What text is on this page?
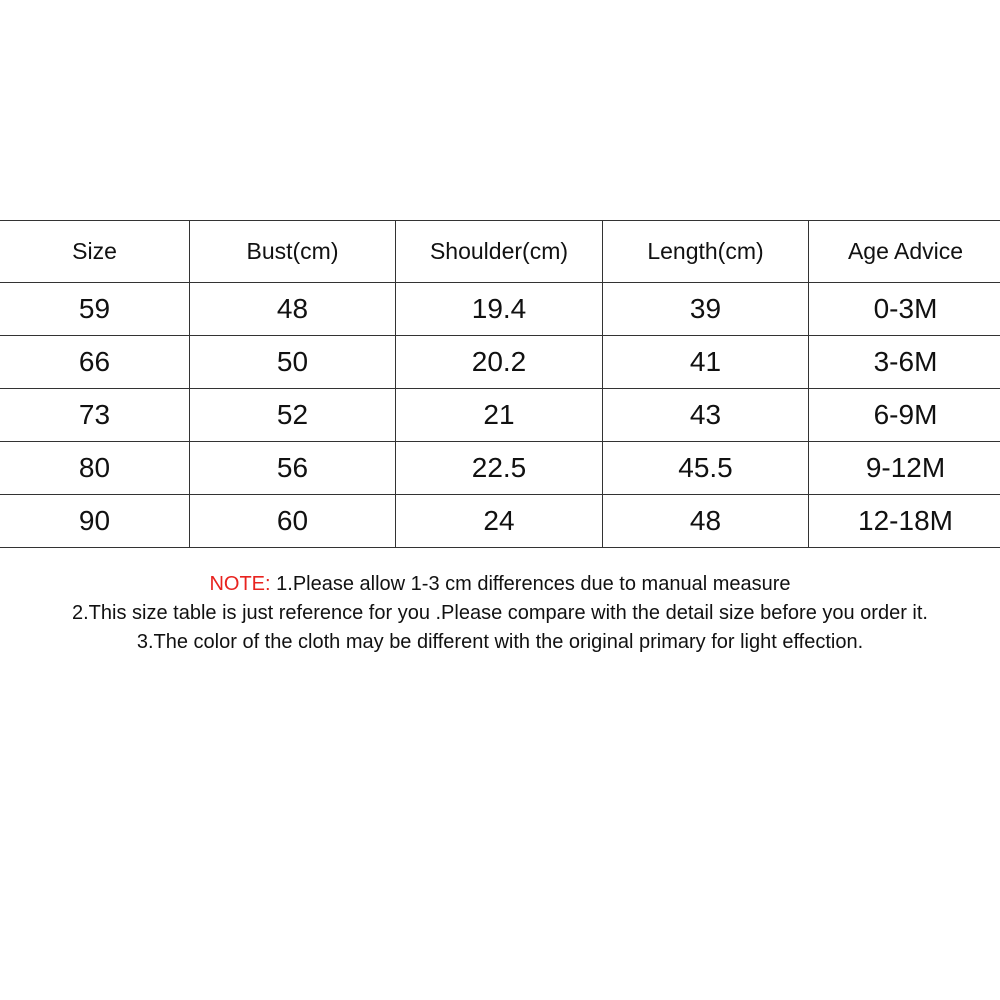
Size	Bust(cm)	Shoulder(cm)	Length(cm)	Age Advice
59	48	19.4	39	0-3M
66	50	20.2	41	3-6M
73	52	21	43	6-9M
80	56	22.5	45.5	9-12M
90	60	24	48	12-18M
NOTE: 1.Please allow 1-3 cm differences due to manual measure
2.This size table is just reference for you .Please compare with the detail size before you order it.
3.The color of the cloth may be different with the original primary for light effection.
